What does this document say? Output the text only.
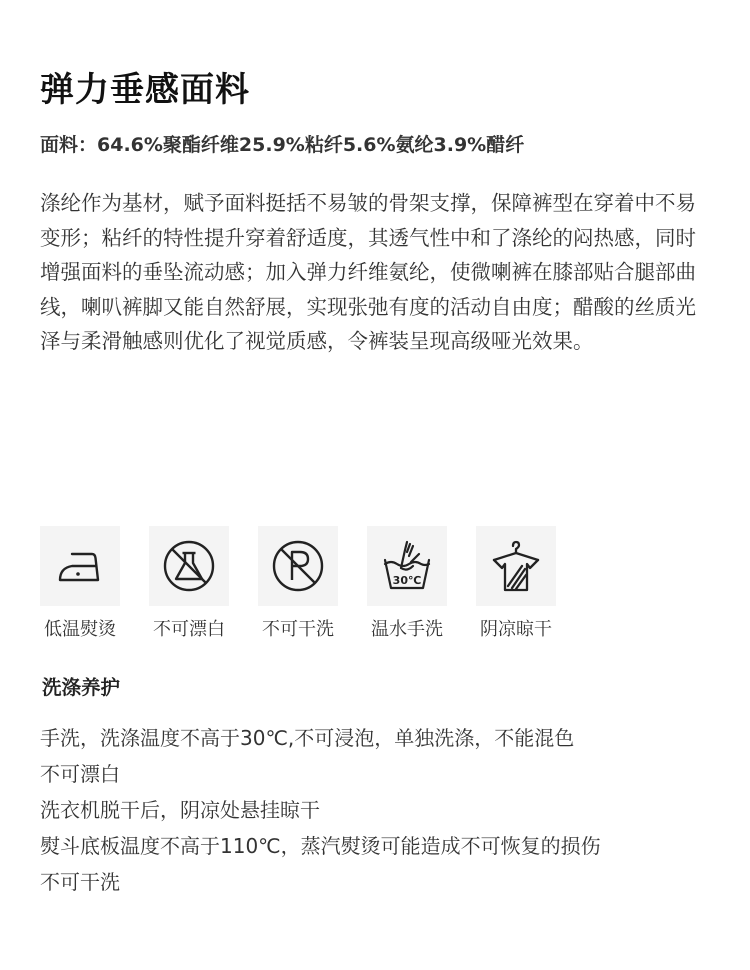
弹力垂感面料
面料：64.6%聚酯纤维25.9%粘纤5.6%氨纶3.9%醋纤

涤纶作为基材，赋予面料挺括不易皱的骨架支撑，保障裤型在穿着中不易变形；粘纤的特性提升穿着舒适度，其透气性中和了涤纶的闷热感，同时增强面料的垂坠流动感；加入弹力纤维氨纶，使微喇裤在膝部贴合腿部曲线，喇叭裤脚又能自然舒展，实现张弛有度的活动自由度；醋酸的丝质光泽与柔滑触感则优化了视觉质感，令裤装呈现高级哑光效果。

低温熨烫 不可漂白 不可干洗
30℃
温水手洗 阴凉晾干
洗涤养护
手洗，洗涤温度不高于30℃,不可浸泡，单独洗涤，不能混色
不可漂白
洗衣机脱干后，阴凉处悬挂晾干
熨斗底板温度不高于110℃，蒸汽熨烫可能造成不可恢复的损伤
不可干洗
